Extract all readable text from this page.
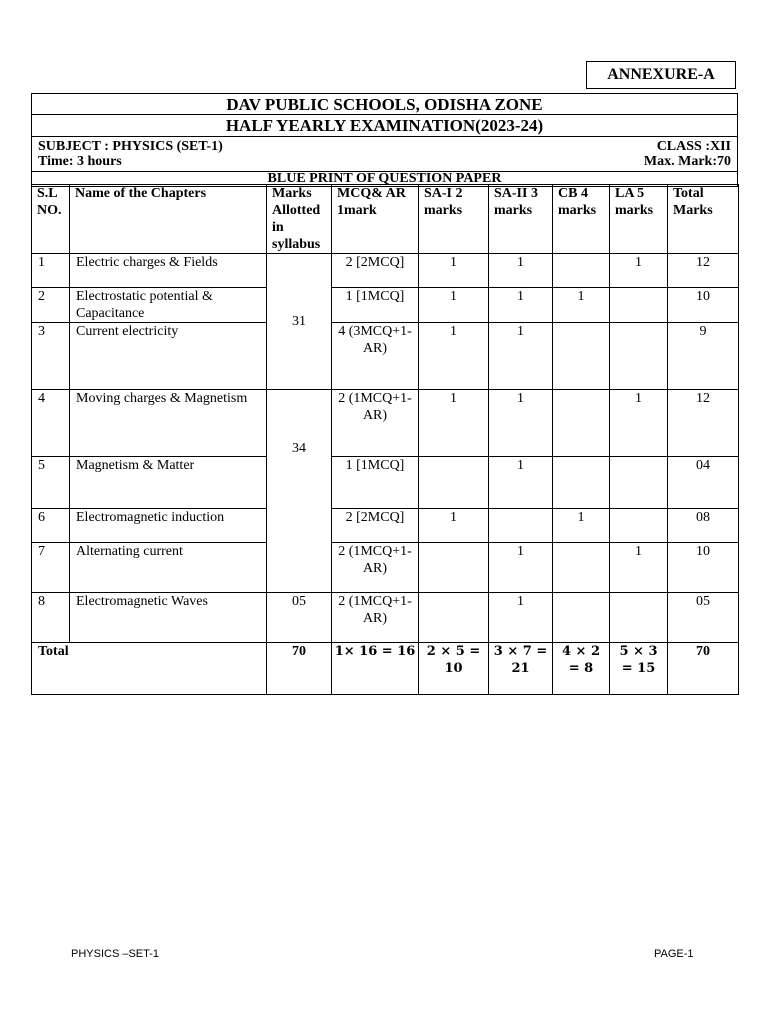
ANNEXURE-A
DAV PUBLIC SCHOOLS, ODISHA ZONE
HALF YEARLY EXAMINATION(2023-24)

SUBJECT : PHYSICS (SET-1)	CLASS :XII
Time: 3 hours	Max. Mark:70

BLUE PRINT OF QUESTION PAPER
S.L NO.	Name of the Chapters	Marks Allotted in syllabus	MCQ& AR 1mark	SA-I 2 marks	SA-II 3 marks	CB 4 marks	LA 5 marks	Total Marks
1	Electric charges & Fields	31	2 [2MCQ]	1	1		1	12
2	Electrostatic potential & Capacitance		1 [1MCQ]	1	1	1		10
3	Current electricity		4 (3MCQ+1-AR)	1	1			9
4	Moving charges & Magnetism	34	2 (1MCQ+1-AR)	1	1		1	12
5	Magnetism & Matter		1 [1MCQ]		1			04
6	Electromagnetic induction		2 [2MCQ]	1		1		08
7	Alternating current		2 (1MCQ+1-AR)		1		1	10
8	Electromagnetic Waves	05	2 (1MCQ+1-AR)		1			05
Total		70	1× 16 = 16	2 × 5 = 10	3 × 7 = 21	4 × 2 = 8	5 × 3 = 15	70
PHYSICS –SET-1	PAGE-1
